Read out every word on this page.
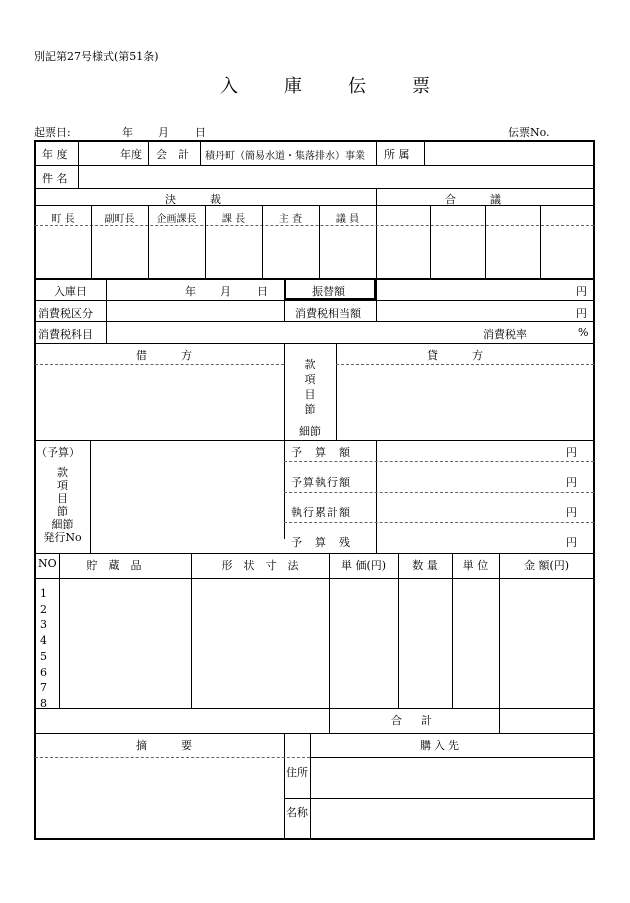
別記第27号様式(第51条)
入　庫　伝　票
起票日:	年 月 日	伝票No.
年 度	年度 会　計 積丹町（簡易水道・集落排水）事業 所 属
件 名
決　　裁	合　　議
町 長	副町長	企画課長	課 長	主 査	議 員
入庫日	年 月 日	振替額	円
消費税区分	消費税相当額	円
消費税科目	消費税率	%
借　　方	貸　　方
款
項
目
節
細節
（予算）
款
項
目
節
細節
発行No
予　算　額	円
予算執行額	円
執行累計額	円
予　算　残	円
NO	貯　蔵　品	形　状　寸　法	単 価(円)	数 量	単 位	金 額(円)
1
2
3
4
5
6
7
8
合　計
摘　　要	購入先
住所
名称
